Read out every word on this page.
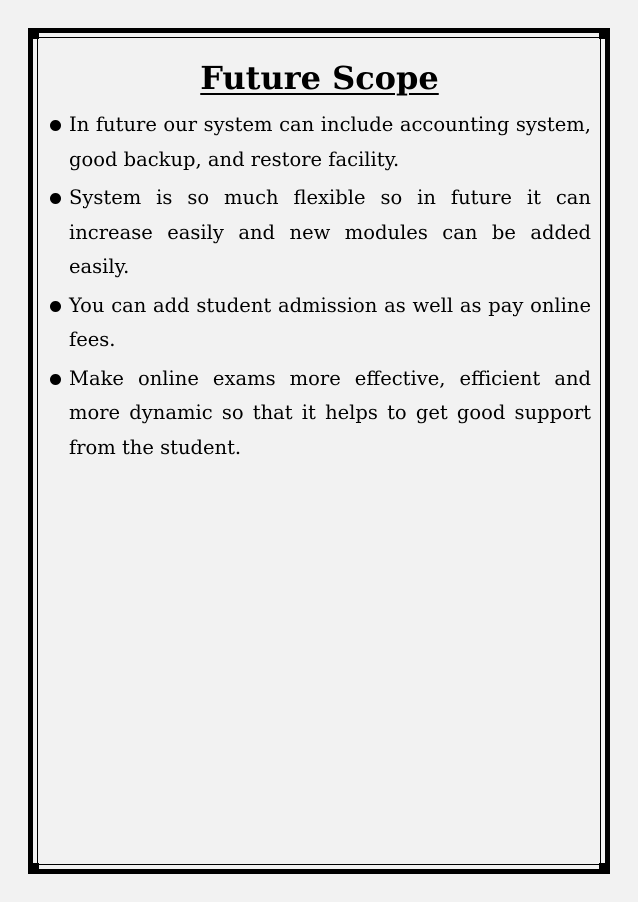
Future Scope
In future our system can include accounting system, good backup, and restore facility.
System is so much flexible so in future it can increase easily and new modules can be added easily.
You can add student admission as well as pay online fees.
Make online exams more effective, efficient and more dynamic so that it helps to get good support from the student.
